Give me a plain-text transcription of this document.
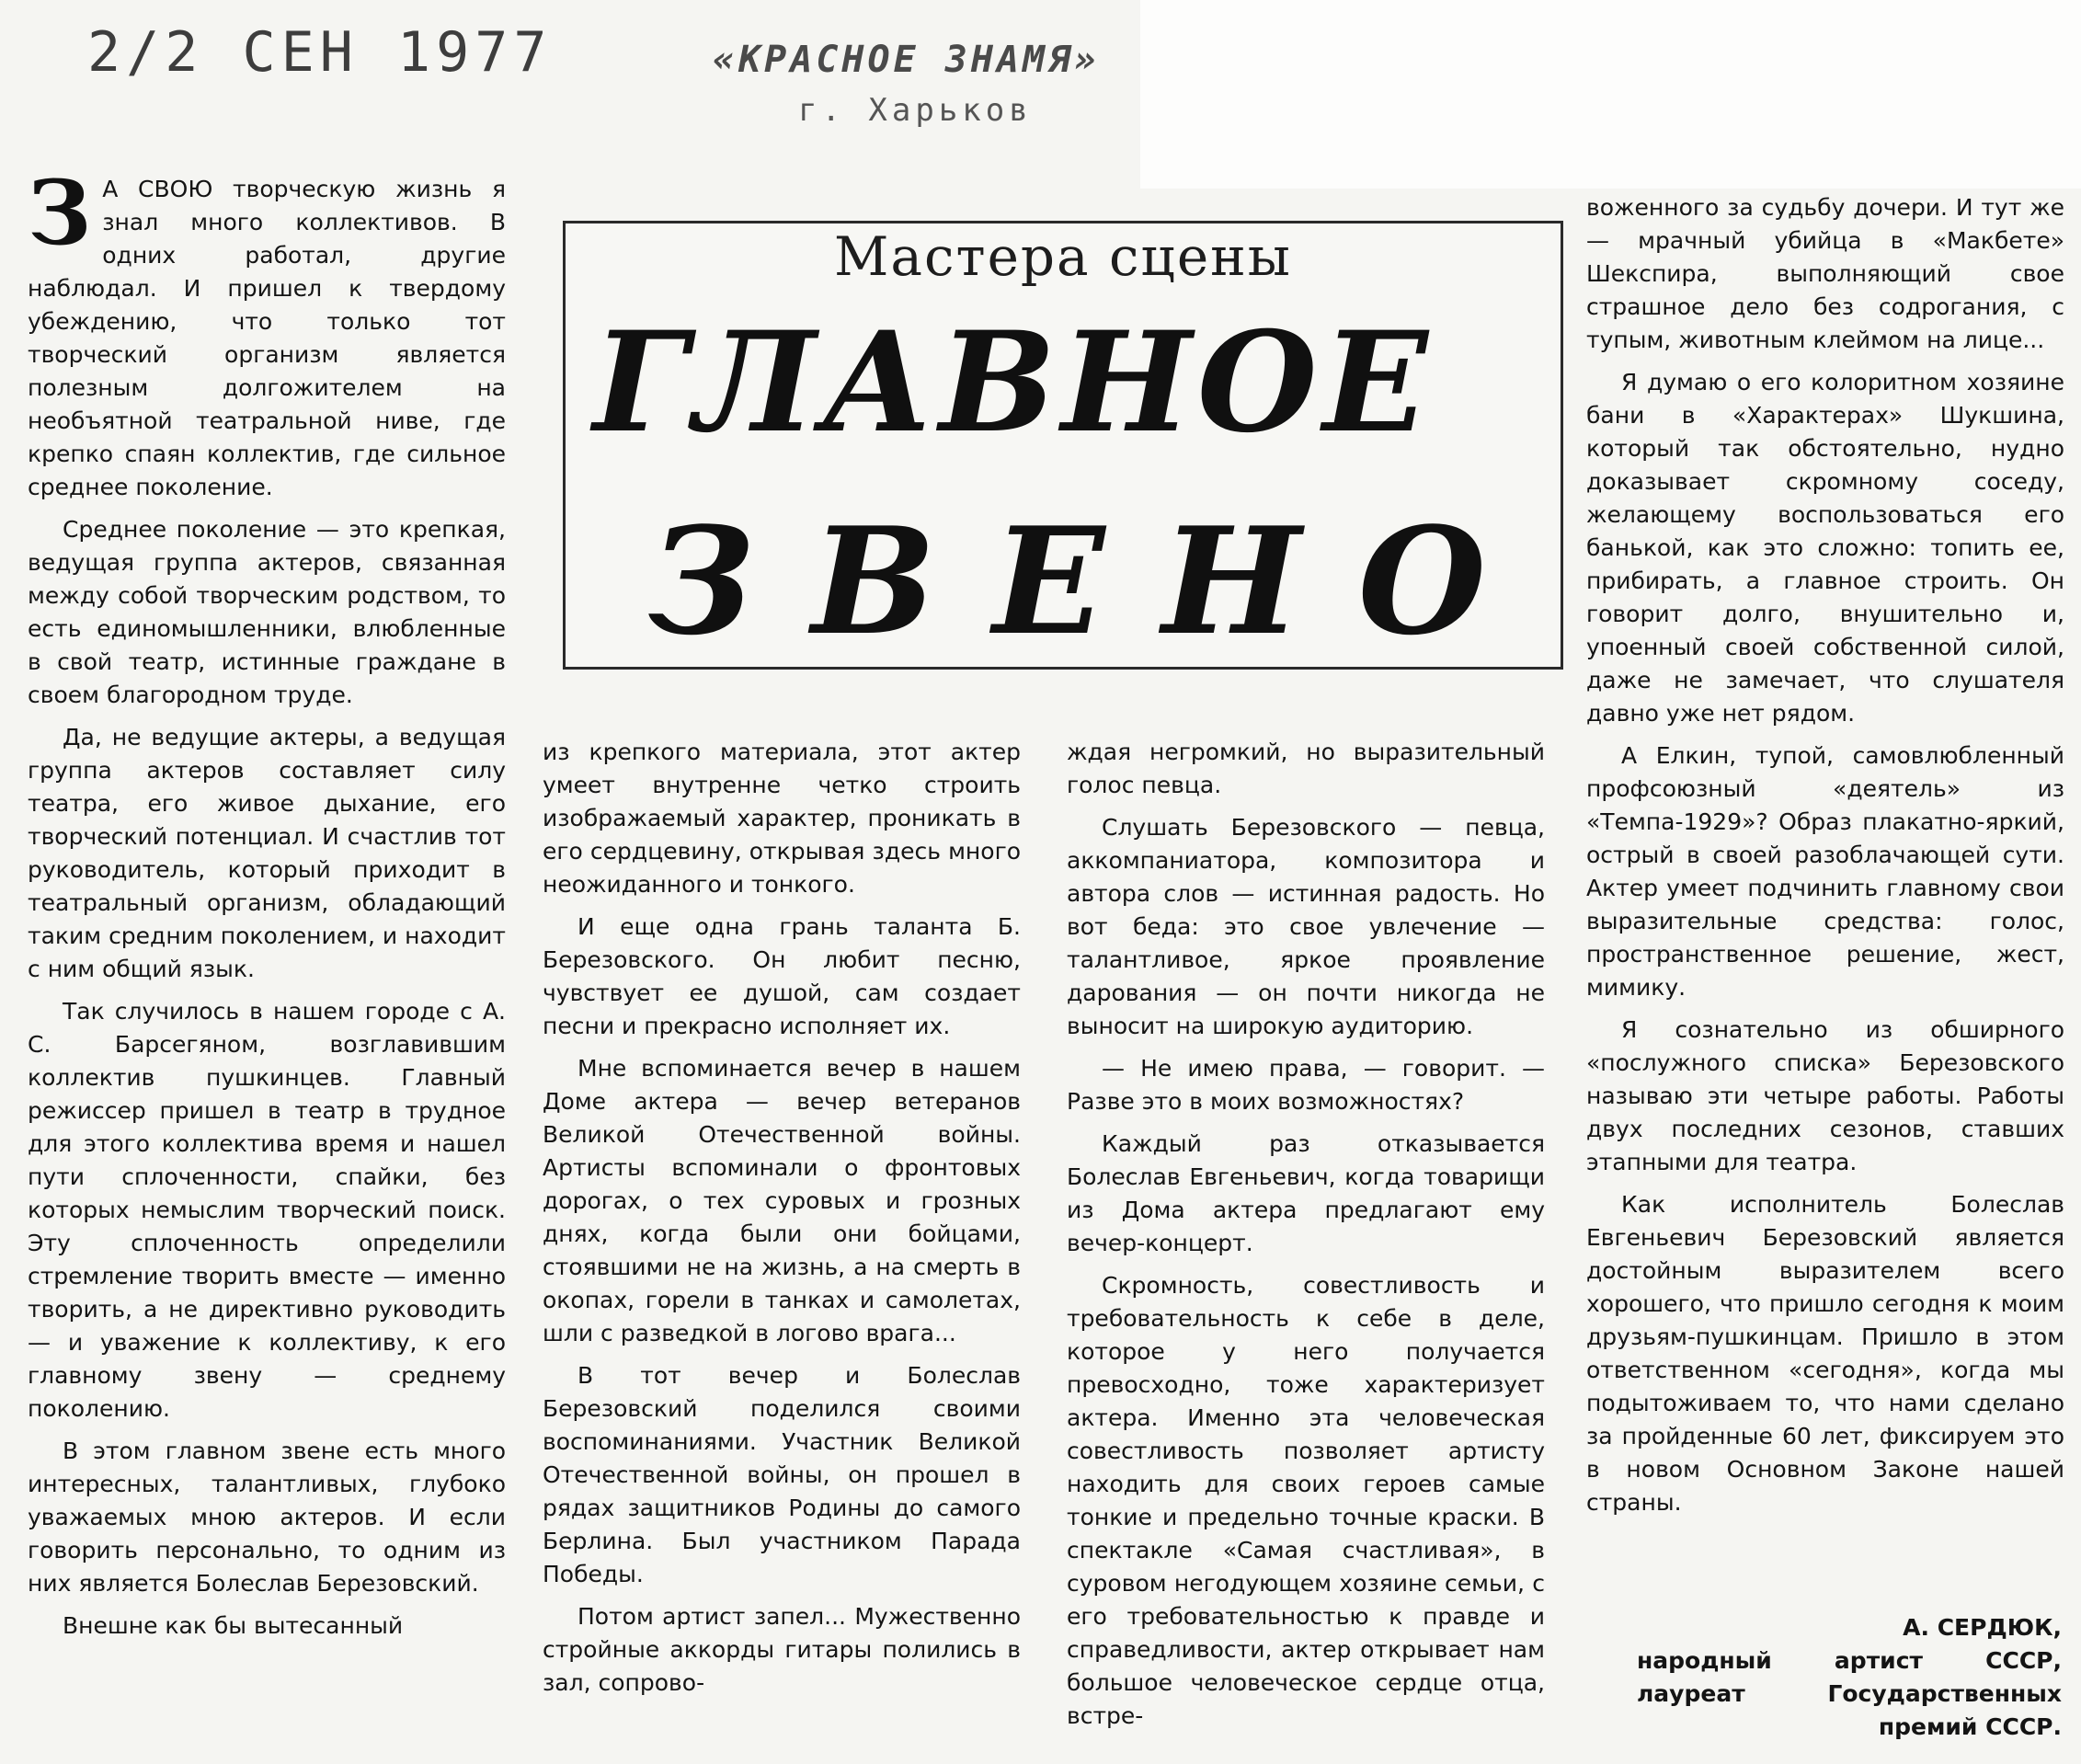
2/2 СЕН 1977	«КРАСНОЕ ЗНАМЯ»
г. Харьков
Мастера сцены
ГЛАВНОЕ
ЗВЕНО
З А СВОЮ творческую жизнь я знал много коллективов. В одних работал, другие наблюдал. И пришел к твердому убеждению, что только тот творческий организм является полезным долгожителем на необъятной театральной ниве, где крепко спаян коллектив, где сильное среднее поколение.

Среднее поколение — это крепкая, ведущая группа актеров, связанная между собой творческим родством, то есть единомышленники, влюбленные в свой театр, истинные граждане в своем благородном труде.

Да, не ведущие актеры, а ведущая группа актеров составляет силу театра, его живое дыхание, его творческий потенциал. И счастлив тот руководитель, который приходит в театральный организм, обладающий таким средним поколением, и находит с ним общий язык.

Так случилось в нашем городе с А. С. Барсегяном, возглавившим коллектив пушкинцев. Главный режиссер пришел в театр в трудное для этого коллектива время и нашел пути сплоченности, спайки, без которых немыслим творческий поиск. Эту сплоченность определили стремление творить вместе — именно творить, а не директивно руководить — и уважение к коллективу, к его главному звену — среднему поколению.

В этом главном звене есть много интересных, талантливых, глубоко уважаемых мною актеров. И если говорить персонально, то одним из них является Болеслав Березовский.

Внешне как бы вытесанный

из крепкого материала, этот актер умеет внутренне четко строить изображаемый характер, проникать в его сердцевину, открывая здесь много неожиданного и тонкого.

И еще одна грань таланта Б. Березовского. Он любит песню, чувствует ее душой, сам создает песни и прекрасно исполняет их.

Мне вспоминается вечер в нашем Доме актера — вечер ветеранов Великой Отечественной войны. Артисты вспоминали о фронтовых дорогах, о тех суровых и грозных днях, когда были они бойцами, стоявшими не на жизнь, а на смерть в окопах, горели в танках и самолетах, шли с разведкой в логово врага...

В тот вечер и Болеслав Березовский поделился своими воспоминаниями. Участник Великой Отечественной войны, он прошел в рядах защитников Родины до самого Берлина. Был участником Парада Победы.

Потом артист запел... Мужественно стройные аккорды гитары полились в зал, сопрово-

ждая негромкий, но выразительный голос певца.

Слушать Березовского — певца, аккомпаниатора, композитора и автора слов — истинная радость. Но вот беда: это свое увлечение — талантливое, яркое проявление дарования — он почти никогда не выносит на широкую аудиторию.

— Не имею права, — говорит. — Разве это в моих возможностях?

Каждый раз отказывается Болеслав Евгеньевич, когда товарищи из Дома актера предлагают ему вечер-концерт.

Скромность, совестливость и требовательность к себе в деле, которое у него получается превосходно, тоже характеризует актера. Именно эта человеческая совестливость позволяет артисту находить для своих героев самые тонкие и предельно точные краски. В спектакле «Самая счастливая», в суровом негодующем хозяине семьи, с его требовательностью к правде и справедливости, актер открывает нам большое человеческое сердце отца, встре-

воженного за судьбу дочери. И тут же — мрачный убийца в «Макбете» Шекспира, выполняющий свое страшное дело без содрогания, с тупым, животным клеймом на лице...

Я думаю о его колоритном хозяине бани в «Характерах» Шукшина, который так обстоятельно, нудно доказывает скромному соседу, желающему воспользоваться его банькой, как это сложно: топить ее, прибирать, а главное строить. Он говорит долго, внушительно и, упоенный своей собственной силой, даже не замечает, что слушателя давно уже нет рядом.

А Елкин, тупой, самовлюбленный профсоюзный «деятель» из «Темпа-1929»? Образ плакатно-яркий, острый в своей разоблачающей сути. Актер умеет подчинить главному свои выразительные средства: голос, пространственное решение, жест, мимику.

Я сознательно из обширного «послужного списка» Березовского называю эти четыре работы. Работы двух последних сезонов, ставших этапными для театра.

Как исполнитель Болеслав Евгеньевич Березовский является достойным выразителем всего хорошего, что пришло сегодня к моим друзьям-пушкинцам. Пришло в этом ответственном «сегодня», когда мы подытоживаем то, что нами сделано за пройденные 60 лет, фиксируем это в новом Основном Законе нашей страны.

А. СЕРДЮК,
народный артист СССР,
лауреат Государственных
премий СССР.
